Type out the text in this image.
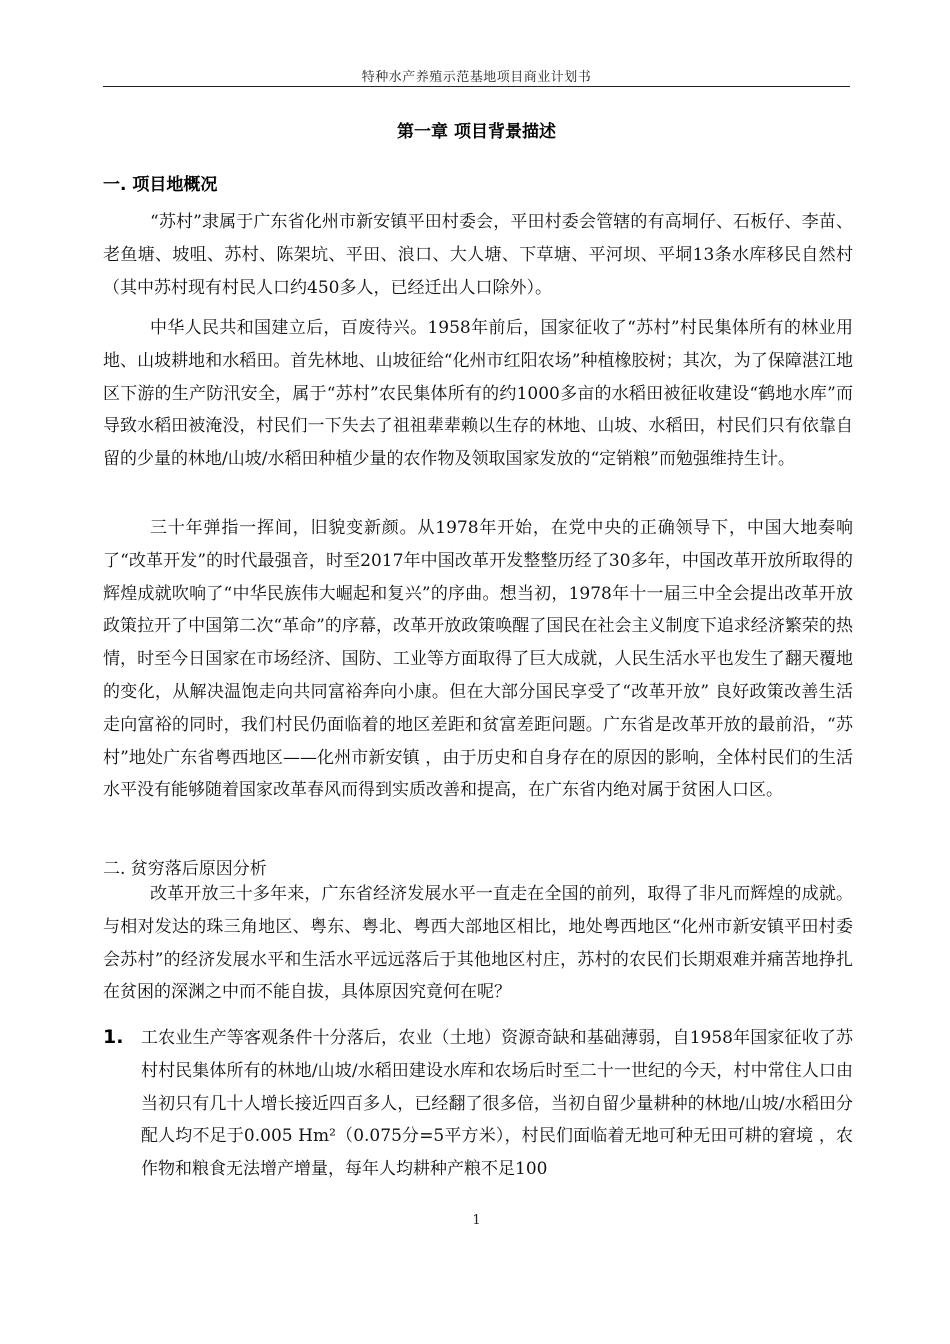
特种水产养殖示范基地项目商业计划书
第一章 项目背景描述
一. 项目地概况

“苏村”隶属于广东省化州市新安镇平田村委会，平田村委会管辖的有高垌仔、石板仔、李苗、老鱼塘、坡咀、苏村、陈架坑、平田、浪口、大人塘、下草塘、平河坝、平垌13条水库移民自然村（其中苏村现有村民人口约450多人，已经迁出人口除外）。

中华人民共和国建立后，百废待兴。1958年前后，国家征收了“苏村”村民集体所有的林业用地、山坡耕地和水稻田。首先林地、山坡征给“化州市红阳农场”种植橡胶树；其次，为了保障湛江地区下游的生产防汛安全，属于“苏村”农民集体所有的约1000多亩的水稻田被征收建设“鹤地水库”而导致水稻田被淹没，村民们一下失去了祖祖辈辈赖以生存的林地、山坡、水稻田，村民们只有依靠自留的少量的林地/山坡/水稻田种植少量的农作物及领取国家发放的“定销粮”而勉强维持生计。

三十年弹指一挥间，旧貌变新颜。从1978年开始，在党中央的正确领导下，中国大地奏响了“改革开发”的时代最强音，时至2017年中国改革开发整整历经了30多年，中国改革开放所取得的辉煌成就吹响了“中华民族伟大崛起和复兴”的序曲。想当初，1978年十一届三中全会提出改革开放政策拉开了中国第二次“革命”的序幕，改革开放政策唤醒了国民在社会主义制度下追求经济繁荣的热情，时至今日国家在市场经济、国防、工业等方面取得了巨大成就，人民生活水平也发生了翻天覆地的变化，从解决温饱走向共同富裕奔向小康。但在大部分国民享受了“改革开放” 良好政策改善生活走向富裕的同时，我们村民仍面临着的地区差距和贫富差距问题。广东省是改革开放的最前沿，“苏村”地处广东省粤西地区——化州市新安镇 ，由于历史和自身存在的原因的影响，全体村民们的生活水平没有能够随着国家改革春风而得到实质改善和提高，在广东省内绝对属于贫困人口区。

二. 贫穷落后原因分析

改革开放三十多年来，广东省经济发展水平一直走在全国的前列，取得了非凡而辉煌的成就。与相对发达的珠三角地区、粤东、粤北、粤西大部地区相比，地处粤西地区“化州市新安镇平田村委会苏村”的经济发展水平和生活水平远远落后于其他地区村庄，苏村的农民们长期艰难并痛苦地挣扎在贫困的深渊之中而不能自拔，具体原因究竟何在呢？

1. 工农业生产等客观条件十分落后，农业（土地）资源奇缺和基础薄弱，自1958年国家征收了苏村村民集体所有的林地/山坡/水稻田建设水库和农场后时至二十一世纪的今天，村中常住人口由当初只有几十人增长接近四百多人，已经翻了很多倍，当初自留少量耕种的林地/山坡/水稻田分配人均不足于0.005 Hm²（0.075分=5平方米），村民们面临着无地可种无田可耕的窘境 ，农作物和粮食无法增产增量，每年人均耕种产粮不足100

1
